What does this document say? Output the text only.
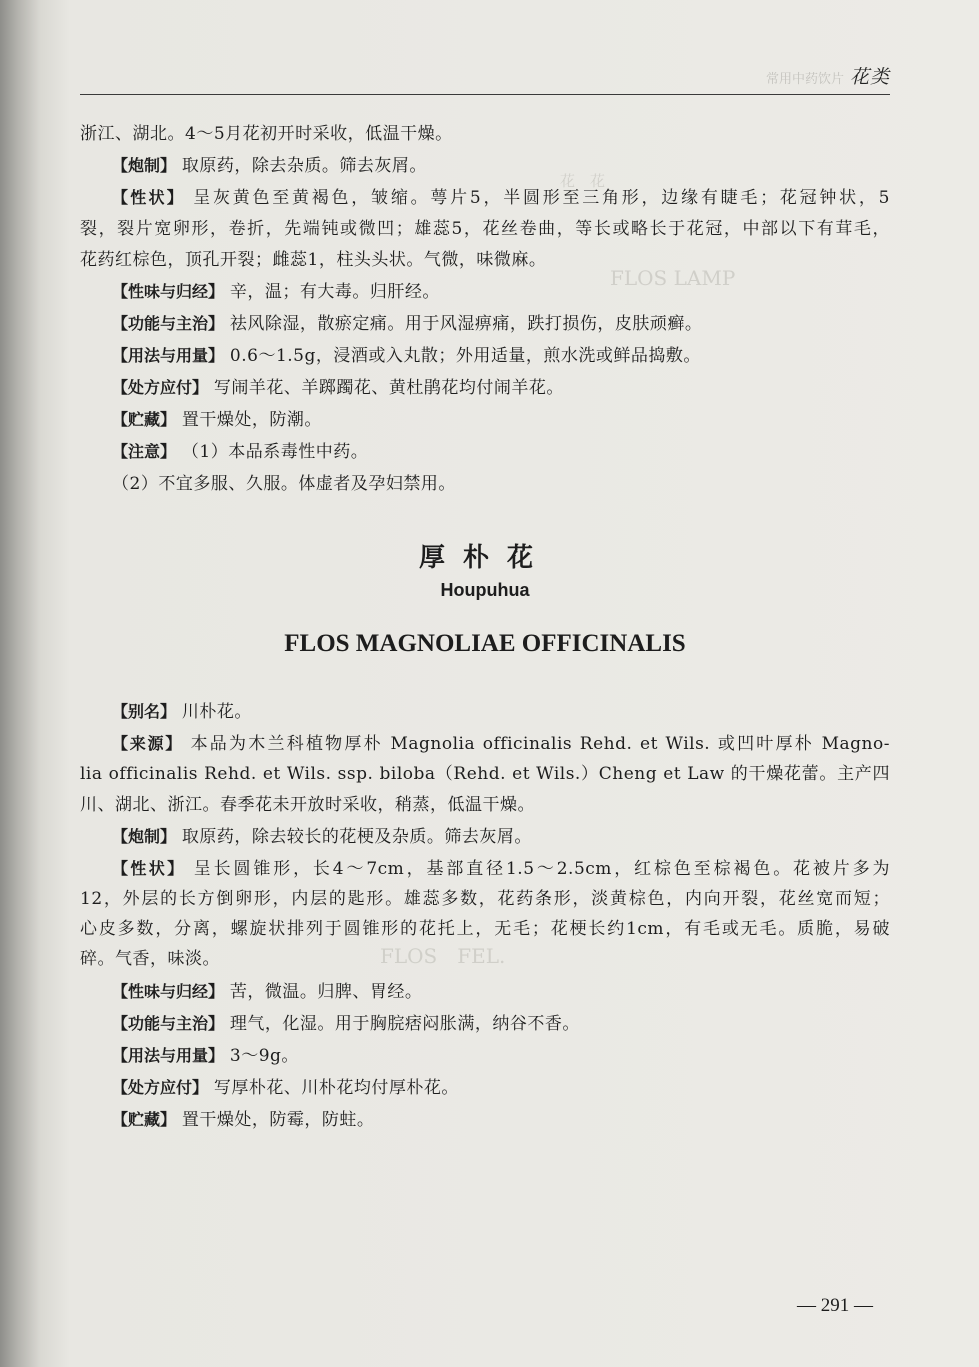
花　花　　　　　　
FLOS LAMP　　　

FLOS　FEL.
常用中药饮片 花类
浙江、湖北。4～5月花初开时采收，低温干燥。
【炮制】 取原药，除去杂质。筛去灰屑。
【性状】 呈灰黄色至黄褐色，皱缩。萼片5，半圆形至三角形，边缘有睫毛；花冠钟状，5
裂，裂片宽卵形，卷折，先端钝或微凹；雄蕊5，花丝卷曲，等长或略长于花冠，中部以下有茸毛，
花药红棕色，顶孔开裂；雌蕊1，柱头头状。气微，味微麻。
【性味与归经】 辛，温；有大毒。归肝经。
【功能与主治】 祛风除湿，散瘀定痛。用于风湿痹痛，跌打损伤，皮肤顽癣。
【用法与用量】 0.6～1.5g，浸酒或入丸散；外用适量，煎水洗或鲜品捣敷。
【处方应付】 写闹羊花、羊踯躅花、黄杜鹃花均付闹羊花。
【贮藏】 置干燥处，防潮。
【注意】 （1）本品系毒性中药。
（2）不宜多服、久服。体虚者及孕妇禁用。
厚朴花
Houpuhua
FLOS MAGNOLIAE OFFICINALIS
【别名】 川朴花。
【来源】 本品为木兰科植物厚朴 Magnolia officinalis Rehd. et Wils. 或凹叶厚朴 Magno-
lia officinalis Rehd. et Wils. ssp. biloba（Rehd. et Wils.）Cheng et Law 的干燥花蕾。主产四
川、湖北、浙江。春季花未开放时采收，稍蒸，低温干燥。
【炮制】 取原药，除去较长的花梗及杂质。筛去灰屑。
【性状】 呈长圆锥形，长4～7cm，基部直径1.5～2.5cm，红棕色至棕褐色。花被片多为
12，外层的长方倒卵形，内层的匙形。雄蕊多数，花药条形，淡黄棕色，内向开裂，花丝宽而短；
心皮多数，分离，螺旋状排列于圆锥形的花托上，无毛；花梗长约1cm，有毛或无毛。质脆，易破
碎。气香，味淡。
【性味与归经】 苦，微温。归脾、胃经。
【功能与主治】 理气，化湿。用于胸脘痞闷胀满，纳谷不香。
【用法与用量】 3～9g。
【处方应付】 写厚朴花、川朴花均付厚朴花。
【贮藏】 置干燥处，防霉，防蛀。
— 291 —
